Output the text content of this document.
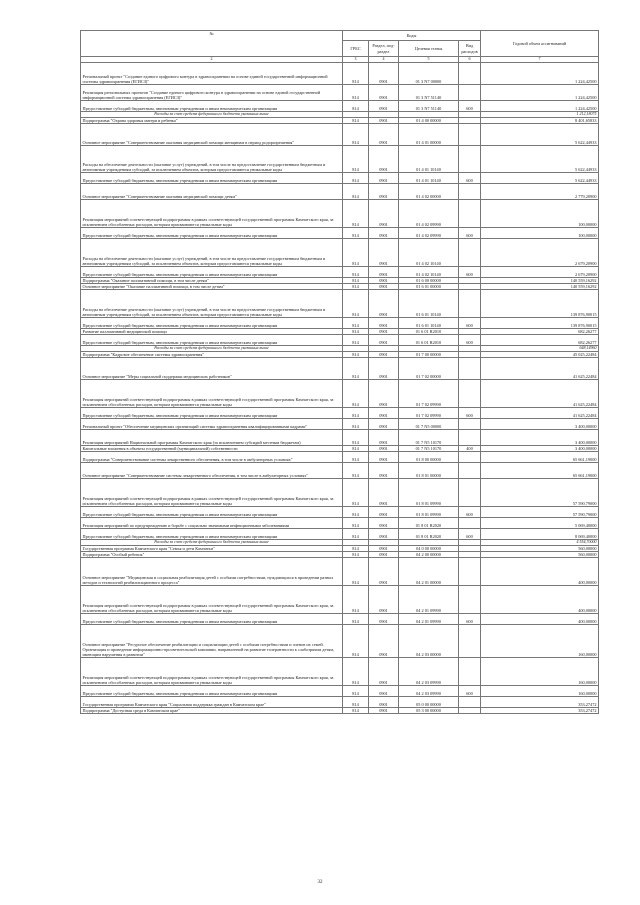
№	Коды				Годовой объем ассигнований
	ГРБС	Раздел, под-раздел	Целевая статья	Вид расходов	
2	3	4	5	6	7
Региональный проект "Создание единого цифрового контура в здравоохранении на основе единой государственной информационной системы здравоохранения (ЕГИСЗ)"	814	0901	01 3 N7 00000		1 224,42500
Реализация региональных проектов "Создание единого цифрового контура в здравоохранении на основе единой государственной информационной системы здравоохранения (ЕГИСЗ)"	814	0901	01 3 N7 51140		1 224,42500
Предоставление субсидий бюджетным, автономным учреждениям и иным некоммерческим организациям	814	0901	01 3 N7 51140	600	1 224,42500
Расходы за счет средств федерального бюджета указанных выше					1 212,18075
Подпрограмма "Охрана здоровья матери и ребенка"	814	0901	01 4 00 00000		8 401,65833
Основное мероприятие "Совершенствование оказания медицинской помощи женщинам в период родоразрешения"	814	0901	01 4 01 00000		5 622,44933
Расходы на обеспечение деятельности (оказание услуг) учреждений, в том числе на предоставление государственным бюджетным и автономным учреждениям субсидий, за исключением объектов, которым предоставляются уникальные коды	814	0901	01 4 01 10140		5 622,44933
Предоставление субсидий бюджетным, автономным учреждениям и иным некоммерческим организациям	814	0901	01 4 01 10140	600	5 622,44933
Основное мероприятие "Совершенствование оказания медицинской помощи детям"	814	0901	01 4 02 00000		2 779,20900
Реализация мероприятий соответствующей подпрограммы в рамках соответствующей государственной программы Камчатского края, за исключением обособленных расходов, которым присваиваются уникальные коды	814	0901	01 4 02 09990		100,00000
Предоставление субсидий бюджетным, автономным учреждениям и иным некоммерческим организациям	814	0901	01 4 02 09990	600	100,00000
Расходы на обеспечение деятельности (оказание услуг) учреждений, в том числе на предоставление государственным бюджетным и автономным учреждениям субсидий, за исключением объектов, которым предоставляются уникальные коды	814	0901	01 4 02 10140		2 679,20900
Предоставление субсидий бюджетным, автономным учреждениям и иным некоммерческим организациям	814	0901	01 4 02 10140	600	2 679,20900
Подпрограмма "Оказание паллиативной помощи, в том числе детям"	814	0901	01 6 00 00000		140 559,16292
Основное мероприятие "Оказание паллиативной помощи, в том числе детям"	814	0901	01 6 01 00000		140 559,16292
Расходы на обеспечение деятельности (оказание услуг) учреждений, в том числе на предоставление государственным бюджетным и автономным учреждениям субсидий, за исключением объектов, которым предоставляются уникальные коды	814	0901	01 6 01 10140		139 876,90015
Предоставление субсидий бюджетным, автономным учреждениям и иным некоммерческим организациям	814	0901	01 6 01 10140	600	139 876,90015
Развитие паллиативной медицинской помощи	814	0901	01 6 01 R2010		682,26277
Предоставление субсидий бюджетным, автономным учреждениям и иным некоммерческим организациям	814	0901	01 6 01 R2010	600	682,26277
Расходы за счет средств федерального бюджета указанных выше					648,14960
Подпрограмма "Кадровое обеспечение системы здравоохранения"	814	0901	01 7 00 00000		45 025,22484
Основное мероприятие "Меры социальной поддержки медицинских работников"	814	0901	01 7 02 00000		41 625,22484
Реализация мероприятий соответствующей подпрограммы в рамках соответствующей государственной программы Камчатского края, за исключением обособленных расходов, которым присваиваются уникальные коды	814	0901	01 7 02 09990		41 625,22484
Предоставление субсидий бюджетным, автономным учреждениям и иным некоммерческим организациям	814	0901	01 7 02 09990	600	41 625,22484
Региональный проект "Обеспечение медицинских организаций системы здравоохранения квалифицированными кадрами"	814	0901	01 7 N5 00000		3 400,00000
Реализация мероприятий Национальной программы Камчатского края (за исключением субсидий местным бюджетам)	814	0901	01 7 N5 10170		3 400,00000
Капитальные вложения в объекты государственной (муниципальной) собственности	814	0901	01 7 N5 10170	400	3 400,00000
Подпрограмма "Совершенствование системы лекарственного обеспечения, в том числе в амбулаторных условиях"	814	0901	01 8 00 00000		65 661,19000
Основное мероприятие "Совершенствование системы лекарственного обеспечения, в том числе в амбулаторных условиях"	814	0901	01 8 01 00000		65 661,19000
Реализация мероприятий соответствующей подпрограммы в рамках соответствующей государственной программы Камчатского края, за исключением обособленных расходов, которым присваиваются уникальные коды	814	0901	01 8 01 09990		57 590,79000
Предоставление субсидий бюджетным, автономным учреждениям и иным некоммерческим организациям	814	0901	01 8 01 09990	600	57 590,79000
Реализация мероприятий по предупреждению и борьбе с социально значимыми инфекционными заболеваниями	814	0901	01 8 01 R2020		5 069,40000
Предоставление субсидий бюджетным, автономным учреждениям и иным некоммерческим организациям	814	0901	01 8 01 R2020	600	8 069,40000
Расходы за счет средств федерального бюджета указанных выше					4 554,70000
Государственная программа Камчатского края "Семья и дети Камчатки"	814	0901	04 0 00 00000		560,00000
Подпрограмма "Особый ребенок"	814	0901	04 2 00 00000		560,00000
Основное мероприятие "Медицинская и социальная реабилитация детей с особыми потребностями, нуждающихся в проведении разных методов и технологий реабилитационного процесса"	814	0901	04 2 01 00000		400,00000
Реализация мероприятий соответствующей подпрограммы в рамках соответствующей государственной программы Камчатского края, за исключением обособленных расходов, которым присваиваются уникальные коды	814	0901	04 2 01 09990		400,00000
Предоставление субсидий бюджетным, автономным учреждениям и иным некоммерческим организациям	814	0901	04 2 01 09990	600	400,00000
Основное мероприятие "Ресурсное обеспечение реабилитации и социализации детей с особыми потребностями и членов их семей. Организация и проведение информационно-просветительской кампании, направленной на развитие толерантности к слабозрячим детям, имеющим нарушения в развитии"	814	0901	04 2 03 00000		160,00000
Реализация мероприятий соответствующей подпрограммы в рамках соответствующей государственной программы Камчатского края, за исключением обособленных расходов, которым присваиваются уникальные коды	814	0901	04 2 03 09990		160,00000
Предоставление субсидий бюджетным, автономным учреждениям и иным некоммерческим организациям	814	0901	04 2 03 09990	600	160,00000
Государственная программа Камчатского края "Социальная поддержка граждан в Камчатском крае"	814	0901	05 0 00 00000		353,27472
Подпрограмма "Доступная среда в Камчатском крае"	814	0901	05 3 00 00000		353,27472
32
